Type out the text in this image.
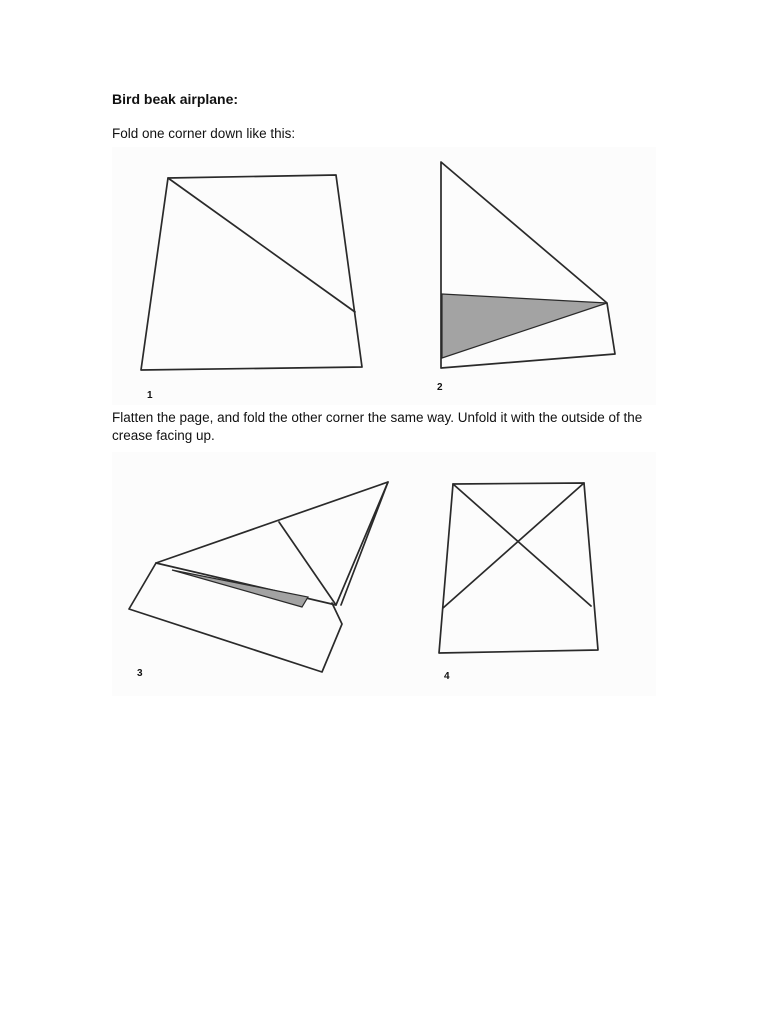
Bird beak airplane:

Fold one corner down like this:

1
2

Flatten the page, and fold the other corner the same way. Unfold it with the outside of the crease facing up.

3	4
